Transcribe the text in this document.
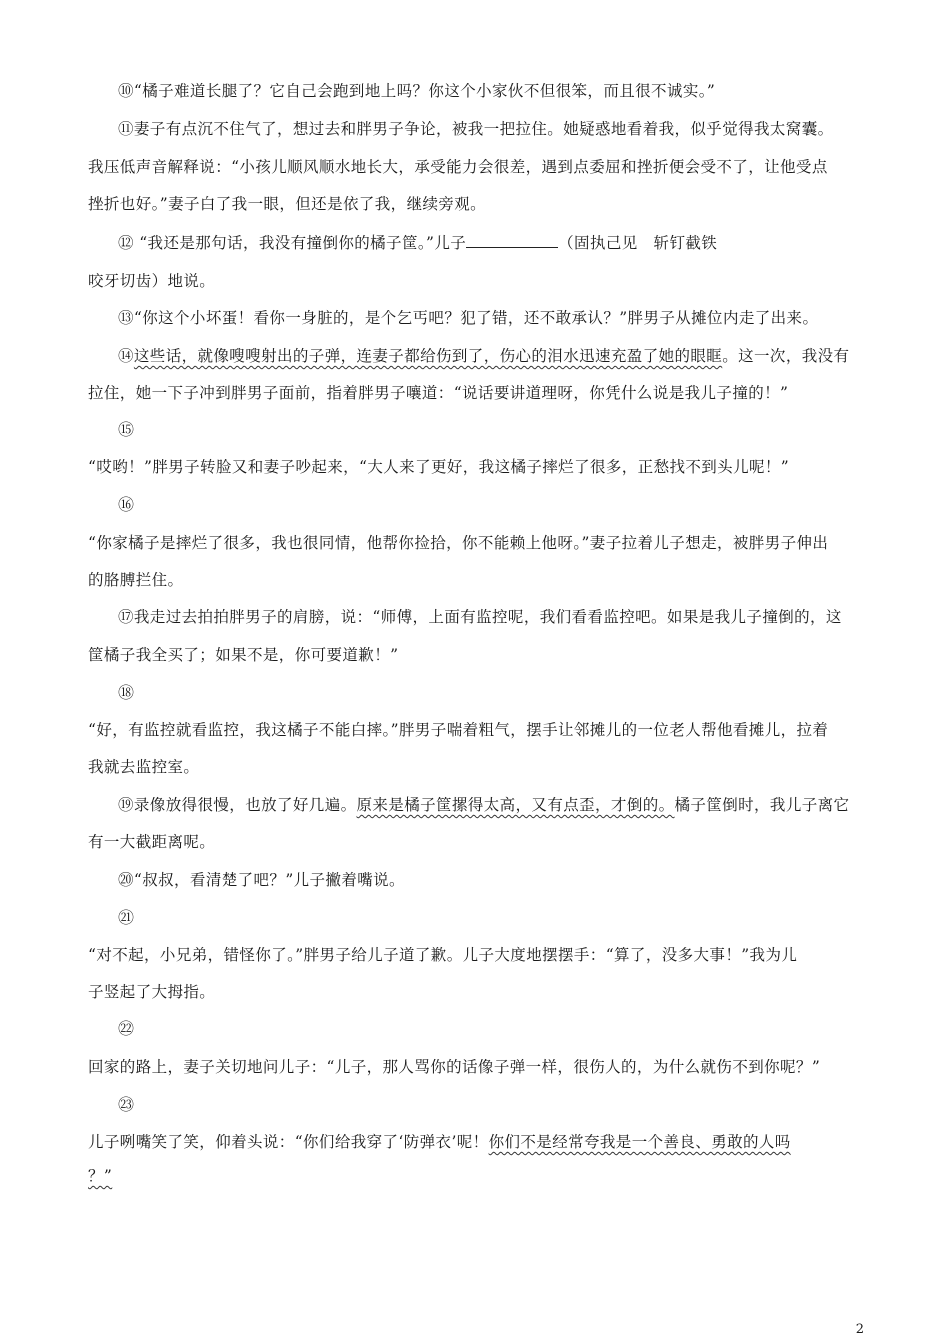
⑩“橘子难道长腿了？它自己会跑到地上吗？你这个小家伙不但很笨，而且很不诚实。”
⑪妻子有点沉不住气了，想过去和胖男子争论，被我一把拉住。她疑惑地看着我，似乎觉得我太窝囊。
我压低声音解释说：“小孩儿顺风顺水地长大，承受能力会很差，遇到点委屈和挫折便会受不了，让他受点
挫折也好。”妻子白了我一眼，但还是依了我，继续旁观。
⑫ “我还是那句话，我没有撞倒你的橘子筐。”儿子	（固执己见　斩钉截铁
咬牙切齿）地说。
⑬“你这个小坏蛋！看你一身脏的，是个乞丐吧？犯了错，还不敢承认？”胖男子从摊位内走了出来。
⑭这些话，就像嗖嗖射出的子弹，连妻子都给伤到了，伤心的泪水迅速充盈了她的眼眶。这一次，我没有
拉住，她一下子冲到胖男子面前，指着胖男子嚷道：“说话要讲道理呀，你凭什么说是我儿子撞的！”
⑮
“哎哟！”胖男子转脸又和妻子吵起来，“大人来了更好，我这橘子摔烂了很多，正愁找不到头儿呢！”
⑯
“你家橘子是摔烂了很多，我也很同情，他帮你捡拾，你不能赖上他呀。”妻子拉着儿子想走，被胖男子伸出
的胳膊拦住。
⑰我走过去拍拍胖男子的肩膀，说：“师傅，上面有监控呢，我们看看监控吧。如果是我儿子撞倒的，这
筐橘子我全买了；如果不是，你可要道歉！”
⑱
“好，有监控就看监控，我这橘子不能白摔。”胖男子喘着粗气，摆手让邻摊儿的一位老人帮他看摊儿，拉着
我就去监控室。
⑲录像放得很慢，也放了好几遍。原来是橘子筐摞得太高，又有点歪，才倒的。橘子筐倒时，我儿子离它
有一大截距离呢。
⑳“叔叔，看清楚了吧？”儿子撇着嘴说。
㉑
“对不起，小兄弟，错怪你了。”胖男子给儿子道了歉。儿子大度地摆摆手：“算了，没多大事！”我为儿
子竖起了大拇指。
㉒
回家的路上，妻子关切地问儿子：“儿子，那人骂你的话像子弹一样，很伤人的，为什么就伤不到你呢？”
㉓
儿子咧嘴笑了笑，仰着头说：“你们给我穿了‘防弹衣’呢！你们不是经常夸我是一个善良、勇敢的人吗
？”
2
